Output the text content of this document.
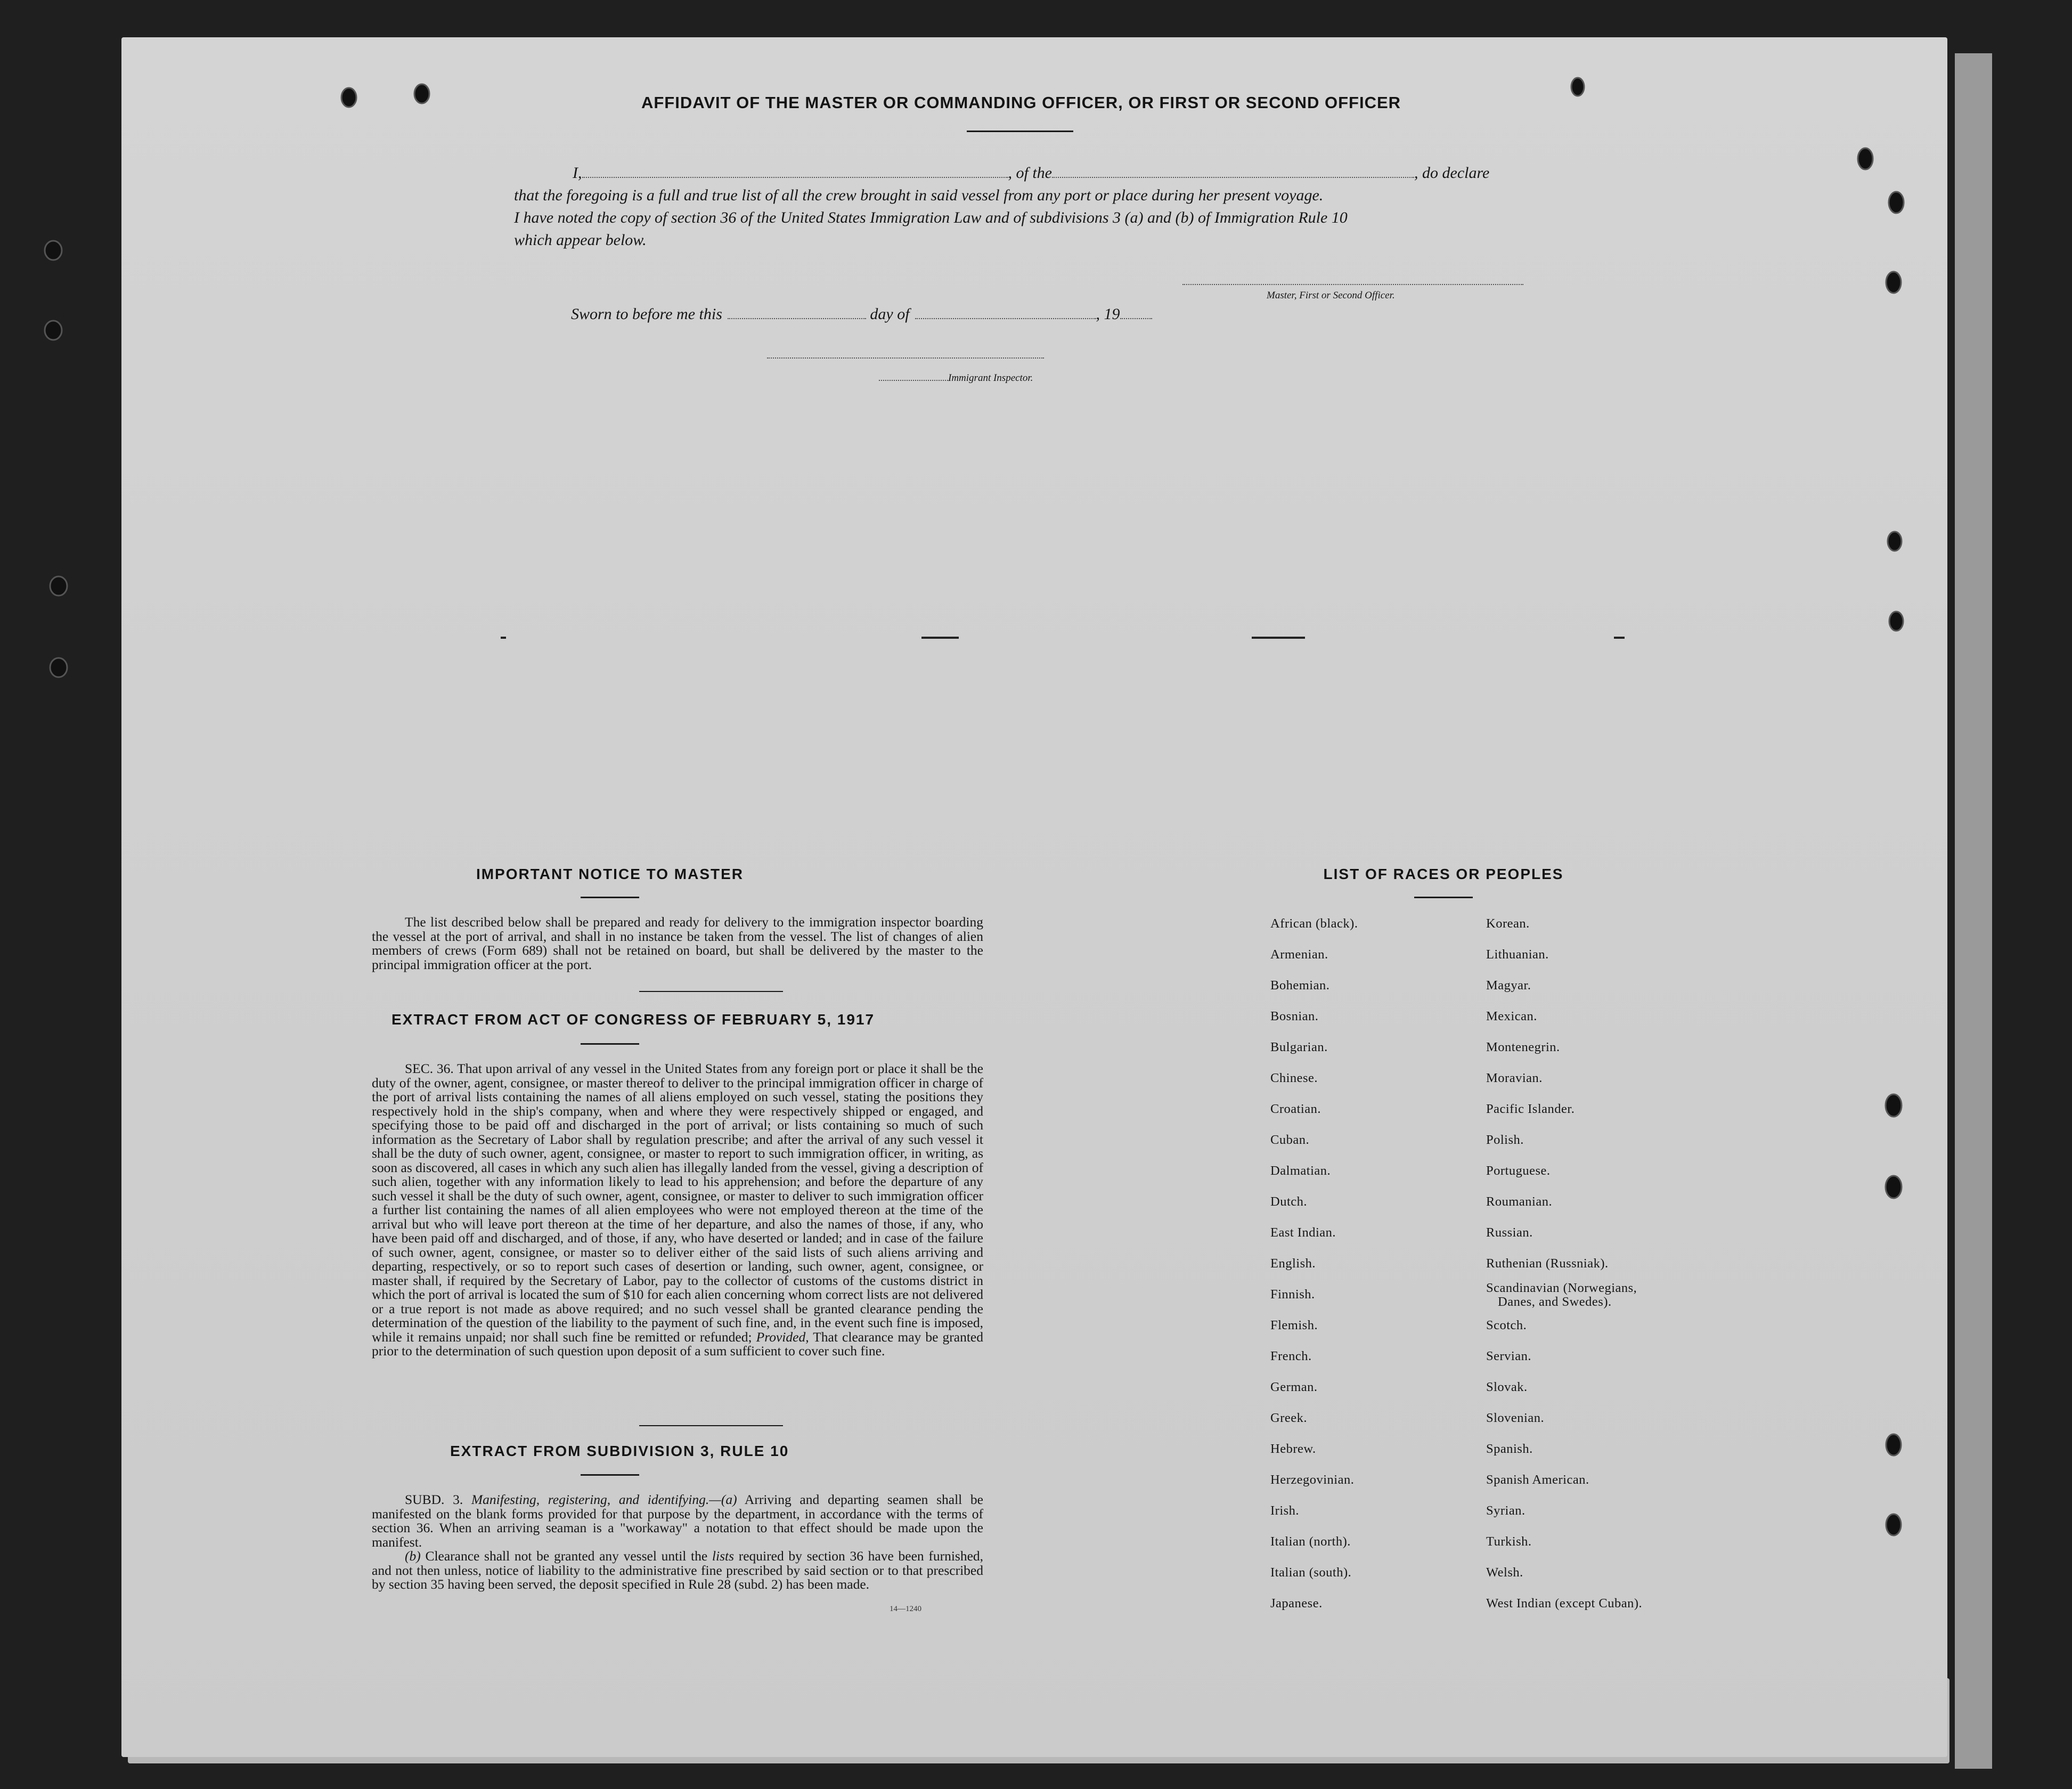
AFFIDAVIT OF THE MASTER OR COMMANDING OFFICER, OR FIRST OR SECOND OFFICER
I,	, of the	, do declare
that the foregoing is a full and true list of all the crew brought in said vessel from any port or place during her present voyage.
I have noted the copy of section 36 of the United States Immigration Law and of subdivisions 3 (a) and (b) of Immigration Rule 10
which appear below.
Master, First or Second Officer.
Sworn to before me this	day of	, 19
Immigrant Inspector.
IMPORTANT NOTICE TO MASTER
The list described below shall be prepared and ready for delivery to the immigration inspector boarding the vessel at the port of arrival, and shall in no instance be taken from the vessel. The list of changes of alien members of crews (Form 689) shall not be retained on board, but shall be delivered by the master to the principal immigration officer at the port.
EXTRACT FROM ACT OF CONGRESS OF FEBRUARY 5, 1917
SEC. 36. That upon arrival of any vessel in the United States from any foreign port or place it shall be the duty of the owner, agent, consignee, or master thereof to deliver to the principal immigration officer in charge of the port of arrival lists containing the names of all aliens employed on such vessel, stating the positions they respectively hold in the ship's company, when and where they were respectively shipped or engaged, and specifying those to be paid off and discharged in the port of arrival; or lists containing so much of such information as the Secretary of Labor shall by regulation prescribe; and after the arrival of any such vessel it shall be the duty of such owner, agent, consignee, or master to report to such immigration officer, in writing, as soon as discovered, all cases in which any such alien has illegally landed from the vessel, giving a description of such alien, together with any information likely to lead to his apprehension; and before the departure of any such vessel it shall be the duty of such owner, agent, consignee, or master to deliver to such immigration officer a further list containing the names of all alien employees who were not employed thereon at the time of the arrival but who will leave port thereon at the time of her departure, and also the names of those, if any, who have been paid off and discharged, and of those, if any, who have deserted or landed; and in case of the failure of such owner, agent, consignee, or master so to deliver either of the said lists of such aliens arriving and departing, respectively, or so to report such cases of desertion or landing, such owner, agent, consignee, or master shall, if required by the Secretary of Labor, pay to the collector of customs of the customs district in which the port of arrival is located the sum of $10 for each alien concerning whom correct lists are not delivered or a true report is not made as above required; and no such vessel shall be granted clearance pending the determination of the question of the liability to the payment of such fine, and, in the event such fine is imposed, while it remains unpaid; nor shall such fine be remitted or refunded; Provided, That clearance may be granted prior to the determination of such question upon deposit of a sum sufficient to cover such fine.
EXTRACT FROM SUBDIVISION 3, RULE 10
SUBD. 3. Manifesting, registering, and identifying.—(a) Arriving and departing seamen shall be manifested on the blank forms provided for that purpose by the department, in accordance with the terms of section 36. When an arriving seaman is a "workaway" a notation to that effect should be made upon the manifest.
(b) Clearance shall not be granted any vessel until the lists required by section 36 have been furnished, and not then unless, notice of liability to the administrative fine prescribed by said section or to that prescribed by section 35 having been served, the deposit specified in Rule 28 (subd. 2) has been made.
14—1240
LIST OF RACES OR PEOPLES
African (black).
Armenian.
Bohemian.
Bosnian.
Bulgarian.
Chinese.
Croatian.
Cuban.
Dalmatian.
Dutch.
East Indian.
English.
Finnish.
Flemish.
French.
German.
Greek.
Hebrew.
Herzegovinian.
Irish.
Italian (north).
Italian (south).
Japanese.
Korean.
Lithuanian.
Magyar.
Mexican.
Montenegrin.
Moravian.
Pacific Islander.
Polish.
Portuguese.
Roumanian.
Russian.
Ruthenian (Russniak).
Scandinavian (Norwegians,
Danes, and Swedes).
Scotch.
Servian.
Slovak.
Slovenian.
Spanish.
Spanish American.
Syrian.
Turkish.
Welsh.
West Indian (except Cuban).
